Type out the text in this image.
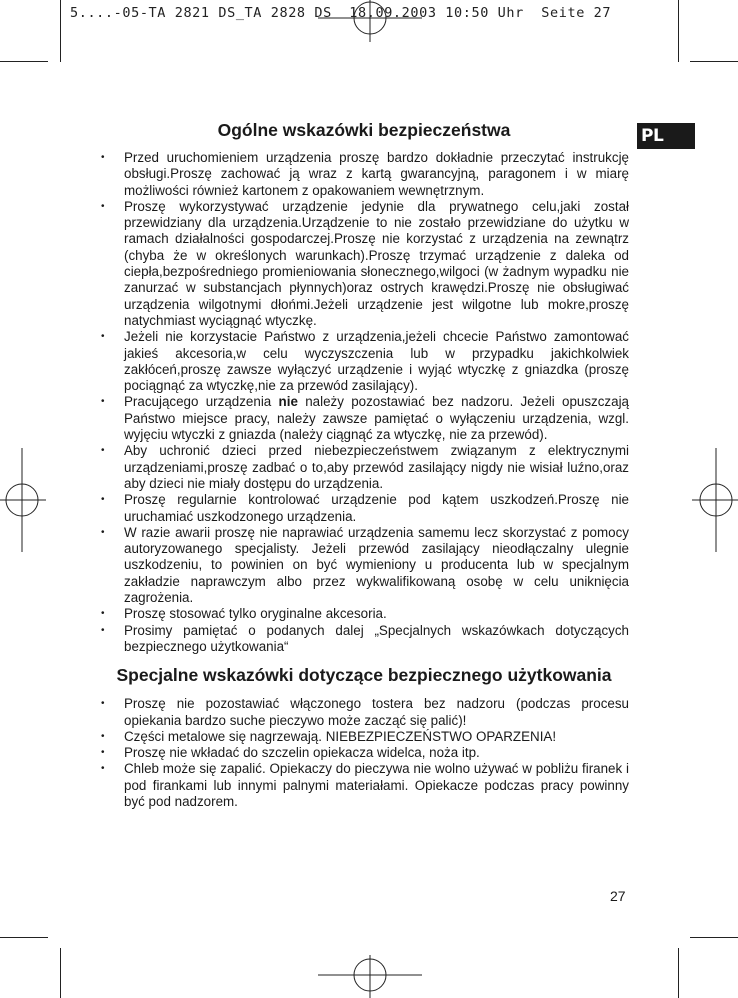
5....-05-TA 2821 DS_TA 2828 DS  18.09.2003 10:50 Uhr  Seite 27
PL
Ogólne wskazówki bezpieczeństwa
• Przed uruchomieniem urządzenia proszę bardzo dokładnie przeczytać instrukcję obsługi.Proszę zachować ją wraz z kartą gwarancyjną, paragonem i w miarę możliwości również kartonem z opakowaniem wewnętrznym.
• Proszę wykorzystywać urządzenie jedynie dla prywatnego celu,jaki został przewidziany dla urządzenia.Urządzenie to nie zostało przewidziane do użytku w ramach działalności gospodarczej.Proszę nie korzystać z urządzenia na zewnątrz (chyba że w określonych warunkach).Proszę trzymać urządzenie z daleka od ciepła,bezpośredniego promieniowania słonecznego,wilgoci (w żadnym wypadku nie zanurzać w substancjach płynnych)oraz ostrych krawędzi.Proszę nie obsługiwać urządzenia wilgotnymi dłońmi.Jeżeli urządzenie jest wilgotne lub mokre,proszę natychmiast wyciągnąć wtyczkę.
• Jeżeli nie korzystacie Państwo z urządzenia,jeżeli chcecie Państwo zamontować jakieś akcesoria,w celu wyczyszczenia lub w przypadku jakichkolwiek zakłóceń,proszę zawsze wyłączyć urządzenie i wyjąć wtyczkę z gniazdka (proszę pociągnąć za wtyczkę,nie za przewód zasilający).
• Pracującego urządzenia nie należy pozostawiać bez nadzoru. Jeżeli opuszczają Państwo miejsce pracy, należy zawsze pamiętać o wyłączeniu urządzenia, wzgl. wyjęciu wtyczki z gniazda (należy ciągnąć za wtyczkę, nie za przewód).
• Aby uchronić dzieci przed niebezpieczeństwem związanym z elektrycznymi urządzeniami,proszę zadbać o to,aby przewód zasilający nigdy nie wisiał luźno,oraz aby dzieci nie miały dostępu do urządzenia.
• Proszę regularnie kontrolować urządzenie pod kątem uszkodzeń.Proszę nie uruchamiać uszkodzonego urządzenia.
• W razie awarii proszę nie naprawiać urządzenia samemu lecz skorzystać z pomocy autoryzowanego specjalisty. Jeżeli przewód zasilający nieodłączalny ulegnie uszkodzeniu, to powinien on być wymieniony u producenta lub w specjalnym zakładzie naprawczym albo przez wykwalifikowaną osobę w celu uniknięcia zagrożenia.
• Proszę stosować tylko oryginalne akcesoria.
• Prosimy pamiętać o podanych dalej „Specjalnych wskazówkach dotyczących bezpiecznego użytkowania“
Specjalne wskazówki dotyczące bezpiecznego użytkowania
• Proszę nie pozostawiać włączonego tostera bez nadzoru (podczas procesu opiekania bardzo suche pieczywo może zacząć się palić)!
• Części metalowe się nagrzewają. NIEBEZPIECZEŃSTWO OPARZENIA!
• Proszę nie wkładać do szczelin opiekacza widelca, noża itp.
• Chleb może się zapalić. Opiekaczy do pieczywa nie wolno używać w pobliżu firanek i pod firankami lub innymi palnymi materiałami. Opiekacze podczas pracy powinny być pod nadzorem.
27
